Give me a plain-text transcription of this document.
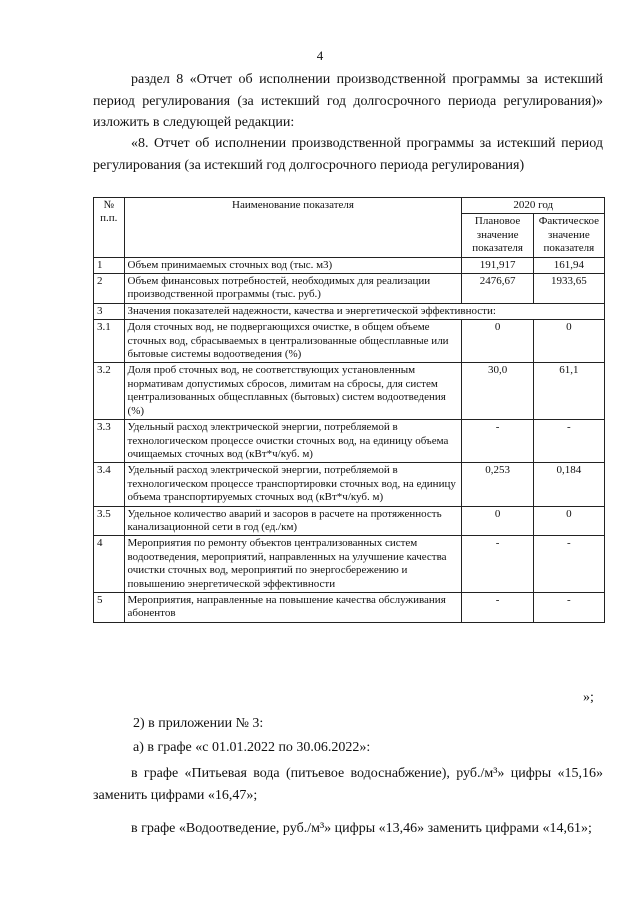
4
раздел 8 «Отчет об исполнении производственной программы за истекший период регулирования (за истекший год долгосрочного периода регулирования)» изложить в следующей редакции:
«8. Отчет об исполнении производственной программы за истекший период регулирования (за истекший год долгосрочного периода регулирования)
№ п.п.	Наименование показателя	2020 год	
		Плановое значение показателя	Фактическое значение показателя
1	Объем принимаемых сточных вод (тыс. м3)	191,917	161,94
2	Объем финансовых потребностей, необходимых для реализации производственной программы (тыс. руб.)	2476,67	1933,65
3	Значения показателей надежности, качества и энергетической эффективности:		
3.1	Доля сточных вод, не подвергающихся очистке, в общем объеме сточных вод, сбрасываемых в централизованные общесплавные или бытовые системы водоотведения (%)	0	0
3.2	Доля проб сточных вод, не соответствующих установленным нормативам допустимых сбросов, лимитам на сбросы, для систем централизованных общесплавных (бытовых) систем водоотведения (%)	30,0	61,1
3.3	Удельный расход электрической энергии, потребляемой в технологическом процессе очистки сточных вод, на единицу объема очищаемых сточных вод (кВт*ч/куб. м)	-	-
3.4	Удельный расход электрической энергии, потребляемой в технологическом процессе транспортировки сточных вод, на единицу объема транспортируемых сточных вод (кВт*ч/куб. м)	0,253	0,184
3.5	Удельное количество аварий и засоров в расчете на протяженность канализационной сети в год (ед./км)	0	0
4	Мероприятия по ремонту объектов централизованных систем водоотведения, мероприятий, направленных на улучшение качества очистки сточных вод, мероприятий по энергосбережению и повышению энергетической эффективности	-	-
5	Мероприятия, направленные на повышение качества обслуживания абонентов	-	-
»;
2) в приложении № 3:
а) в графе «с 01.01.2022 по 30.06.2022»:
в графе «Питьевая вода (питьевое водоснабжение), руб./м³» цифры «15,16» заменить цифрами «16,47»;
в графе «Водоотведение, руб./м³» цифры «13,46» заменить цифрами «14,61»;
